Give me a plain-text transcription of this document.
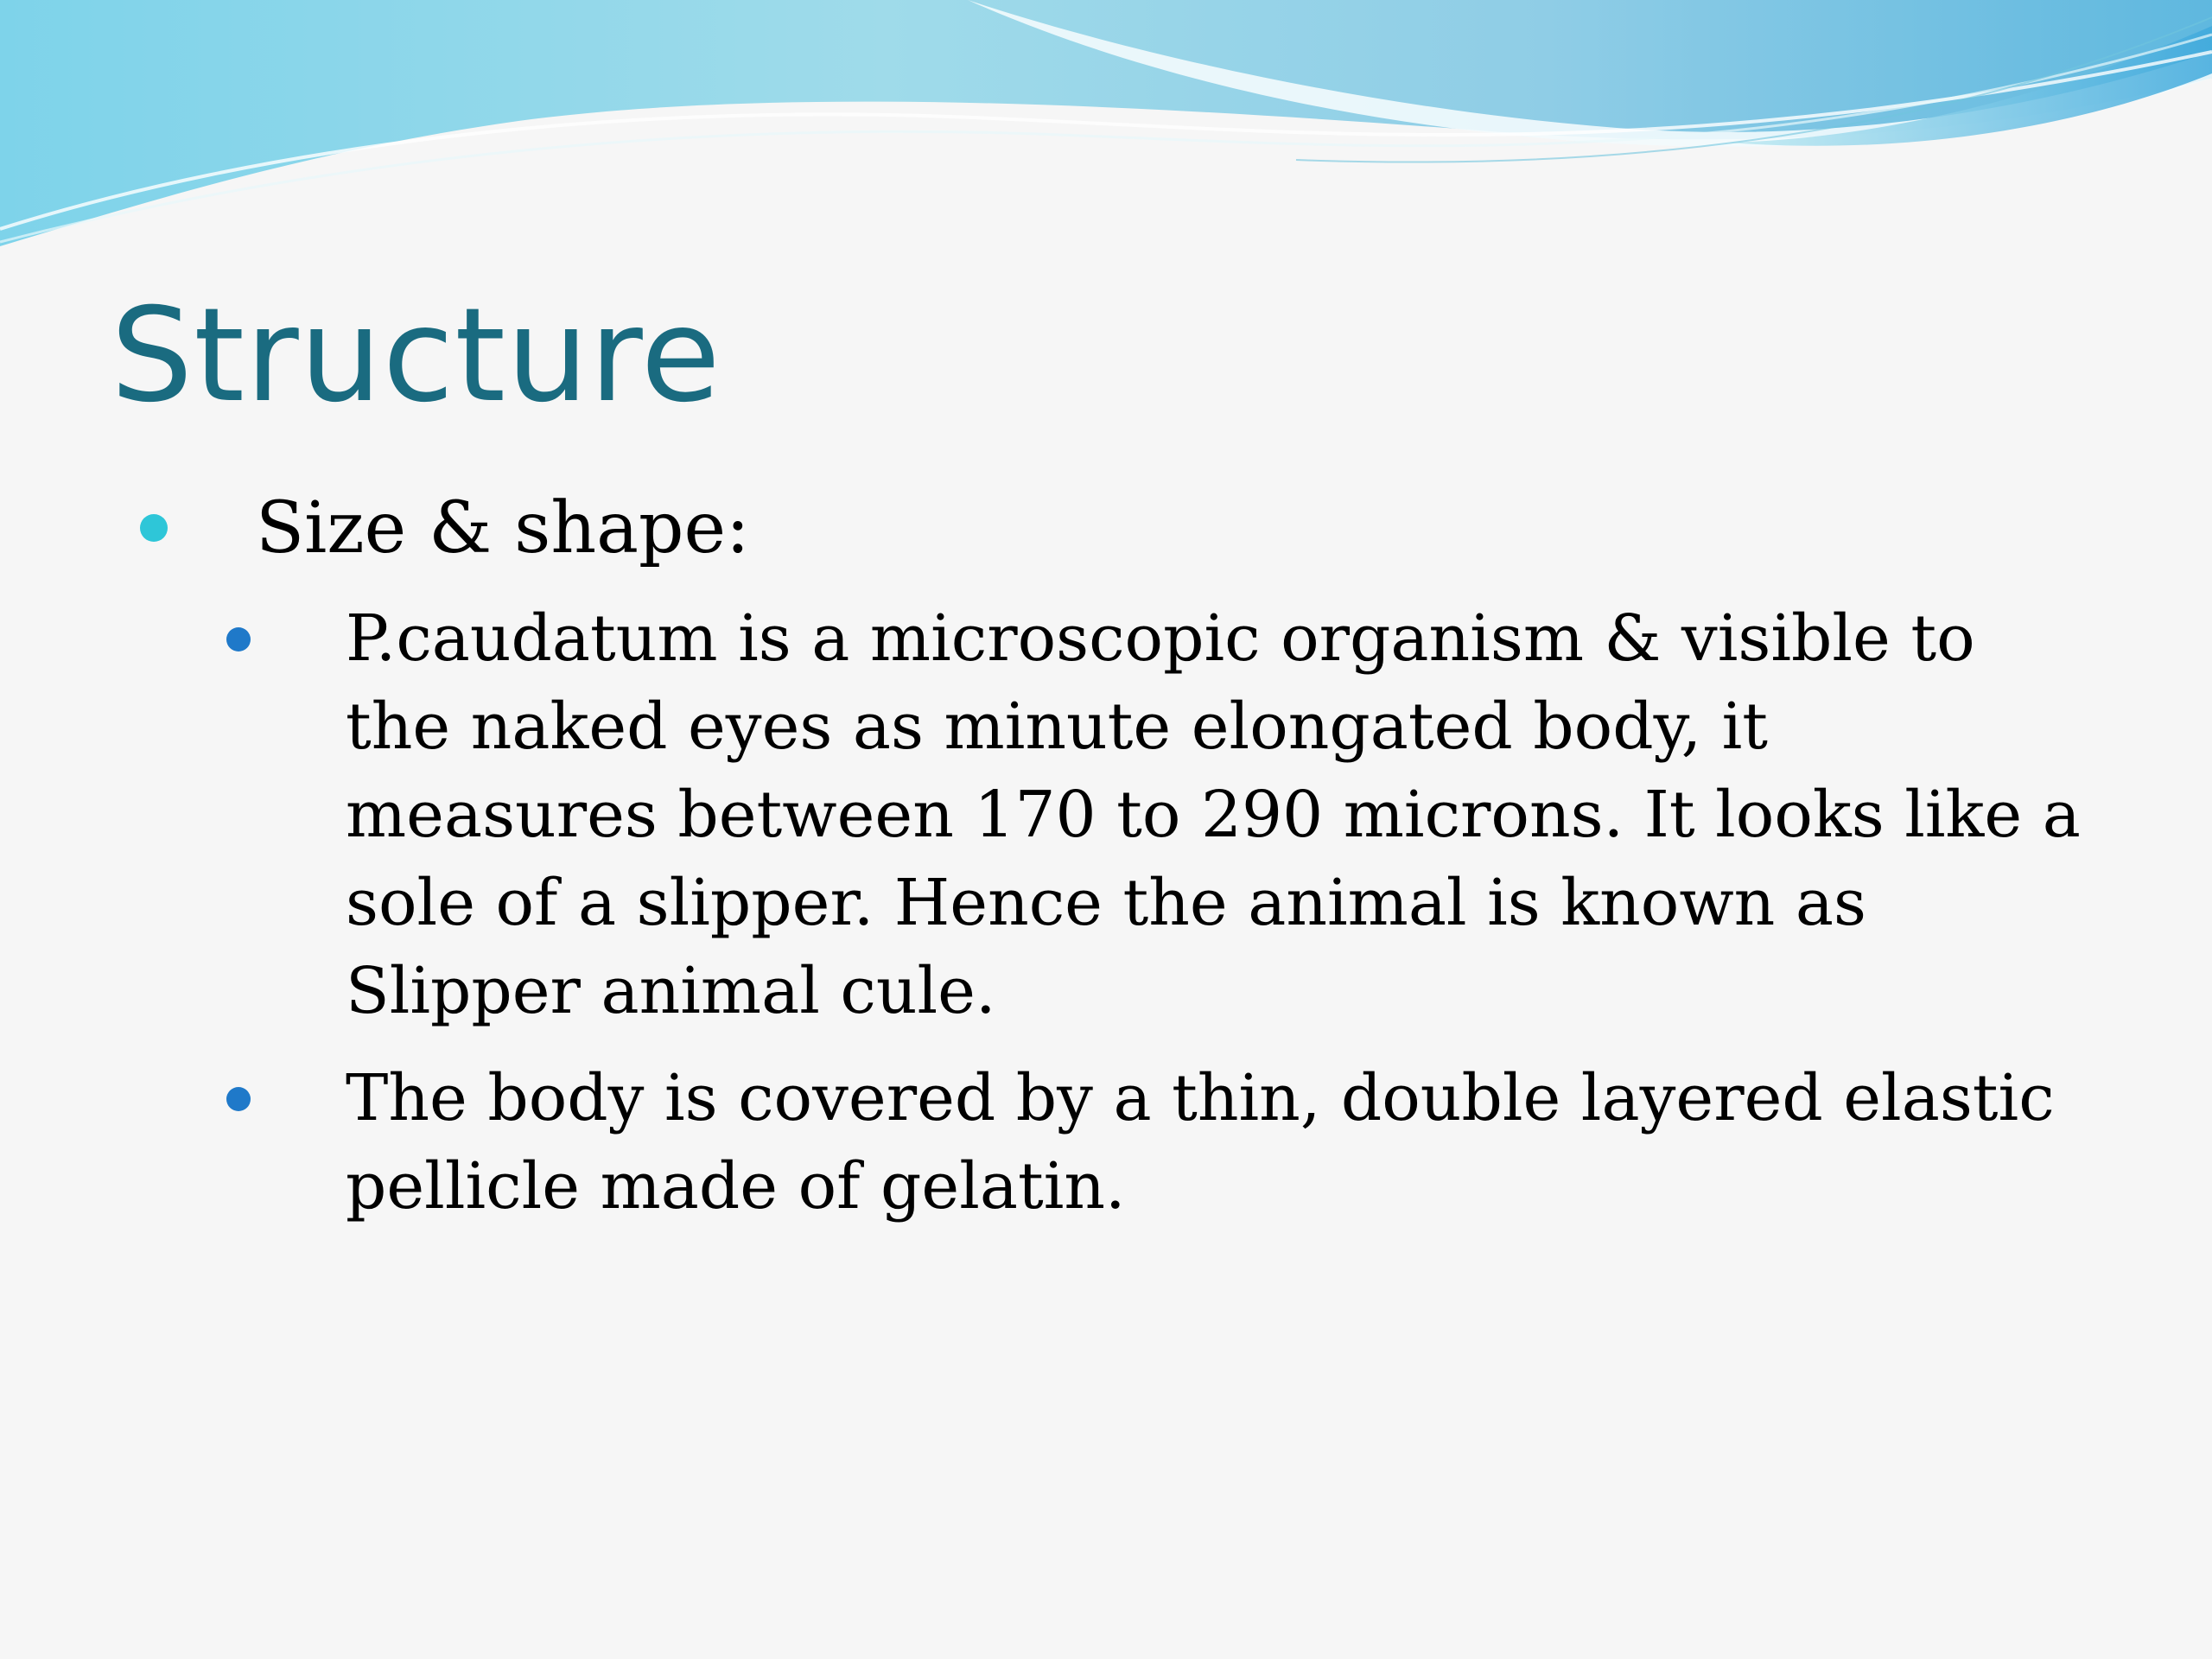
Structure
Size & shape:
P.caudatum is a microscopic organism & visible to the naked eyes as minute elongated body, it measures between 170 to 290 microns. It looks like a sole of a slipper. Hence the animal is known as Slipper animal cule.
The body is covered by a thin, double layered elastic pellicle made of gelatin.
